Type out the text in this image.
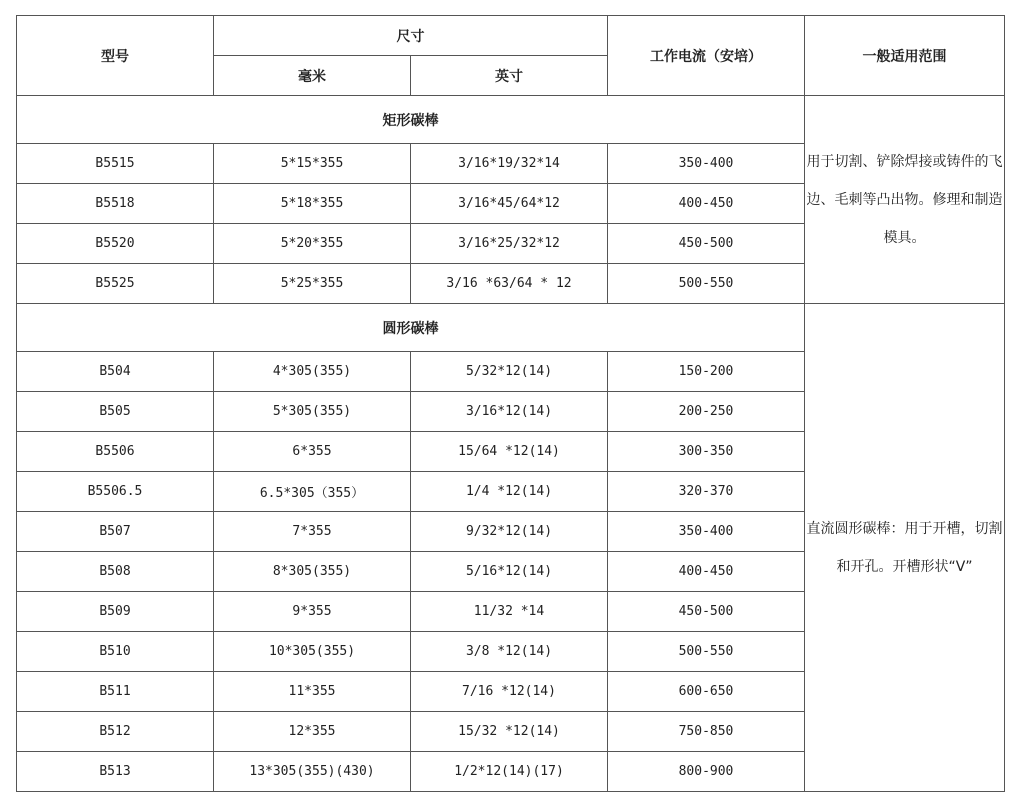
型号	尺寸		工作电流（安培）	一般适用范围
	毫米	英寸		
矩形碳棒				用于切割、铲除焊接或铸件的飞边、毛刺等凸出物。修理和制造模具。
B5515	5*15*355	3/16*19/32*14	350-400	
B5518	5*18*355	3/16*45/64*12	400-450	
B5520	5*20*355	3/16*25/32*12	450-500	
B5525	5*25*355	3/16 *63/64 * 12	500-550	
圆形碳棒				直流圆形碳棒：用于开槽，切割和开孔。开槽形状“V”
B504	4*305(355)	5/32*12(14)	150-200	
B505	5*305(355)	3/16*12(14)	200-250	
B5506	6*355	15/64 *12(14)	300-350	
B5506.5	6.5*305（355）	1/4 *12(14)	320-370	
B507	7*355	9/32*12(14)	350-400	
B508	8*305(355)	5/16*12(14)	400-450	
B509	9*355	11/32 *14	450-500	
B510	10*305(355)	3/8 *12(14)	500-550	
B511	11*355	7/16 *12(14)	600-650	
B512	12*355	15/32 *12(14)	750-850	
B513	13*305(355)(430)	1/2*12(14)(17)	800-900	
